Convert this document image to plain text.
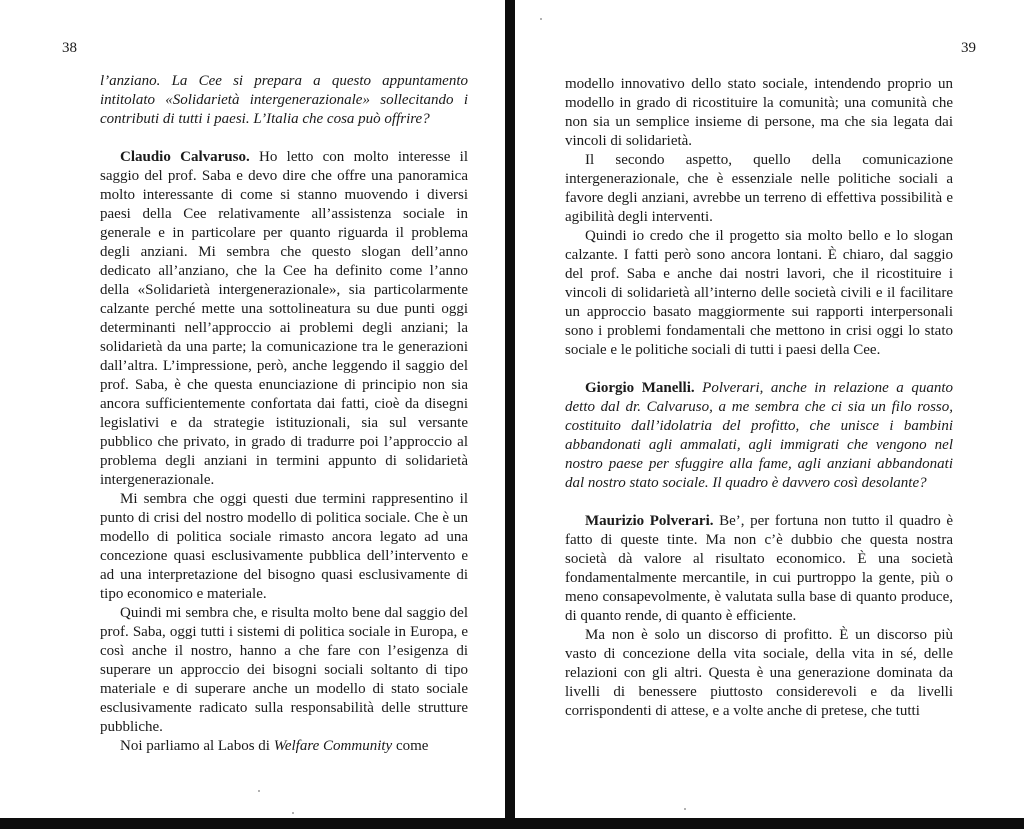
38

l’anziano. La Cee si prepara a questo appuntamento intitolato «Solidarietà intergenerazionale» sollecitando i contributi di tutti i paesi. L’Italia che cosa può offrire?

Claudio Calvaruso. Ho letto con molto interesse il saggio del prof. Saba e devo dire che offre una panoramica molto interessante di come si stanno muovendo i diversi paesi della Cee relativamente all’assistenza sociale in generale e in particolare per quanto riguarda il problema degli anziani. Mi sembra che questo slogan dell’anno dedicato all’anziano, che la Cee ha definito come l’anno della «Solidarietà intergenerazionale», sia particolarmente calzante perché mette una sottolineatura su due punti oggi determinanti nell’approccio ai problemi degli anziani; la solidarietà da una parte; la comunicazione tra le generazioni dall’altra. L’impressione, però, anche leggendo il saggio del prof. Saba, è che questa enunciazione di principio non sia ancora sufficientemente confortata dai fatti, cioè da disegni legislativi e da strategie istituzionali, sia sul versante pubblico che privato, in grado di tradurre poi l’approccio al problema degli anziani in termini appunto di solidarietà intergenerazionale.

Mi sembra che oggi questi due termini rappresentino il punto di crisi del nostro modello di politica sociale. Che è un modello di politica sociale rimasto ancora legato ad una concezione quasi esclusivamente pubblica dell’intervento e ad una interpretazione del bisogno quasi esclusivamente di tipo economico e materiale.

Quindi mi sembra che, e risulta molto bene dal saggio del prof. Saba, oggi tutti i sistemi di politica sociale in Europa, e così anche il nostro, hanno a che fare con l’esigenza di superare un approccio dei bisogni sociali soltanto di tipo materiale e di superare anche un modello di stato sociale esclusivamente radicato sulla responsabilità delle strutture pubbliche.

Noi parliamo al Labos di Welfare Community come

39

modello innovativo dello stato sociale, intendendo proprio un modello in grado di ricostituire la comunità; una comunità che non sia un semplice insieme di persone, ma che sia legata dai vincoli di solidarietà.

Il secondo aspetto, quello della comunicazione intergenerazionale, che è essenziale nelle politiche sociali a favore degli anziani, avrebbe un terreno di effettiva possibilità e agibilità degli interventi.

Quindi io credo che il progetto sia molto bello e lo slogan calzante. I fatti però sono ancora lontani. È chiaro, dal saggio del prof. Saba e anche dai nostri lavori, che il ricostituire i vincoli di solidarietà all’interno delle società civili e il facilitare un approccio basato maggiormente sui rapporti interpersonali sono i problemi fondamentali che mettono in crisi oggi lo stato sociale e le politiche sociali di tutti i paesi della Cee.

Giorgio Manelli. Polverari, anche in relazione a quanto detto dal dr. Calvaruso, a me sembra che ci sia un filo rosso, costituito dall’idolatria del profitto, che unisce i bambini abbandonati agli ammalati, agli immigrati che vengono nel nostro paese per sfuggire alla fame, agli anziani abbandonati dal nostro stato sociale. Il quadro è davvero così desolante?

Maurizio Polverari. Be’, per fortuna non tutto il quadro è fatto di queste tinte. Ma non c’è dubbio che questa nostra società dà valore al risultato economico. È una società fondamentalmente mercantile, in cui purtroppo la gente, più o meno consapevolmente, è valutata sulla base di quanto produce, di quanto rende, di quanto è efficiente.

Ma non è solo un discorso di profitto. È un discorso più vasto di concezione della vita sociale, della vita in sé, delle relazioni con gli altri. Questa è una generazione dominata da livelli di benessere piuttosto considerevoli e da livelli corrispondenti di attese, e a volte anche di pretese, che tutti
